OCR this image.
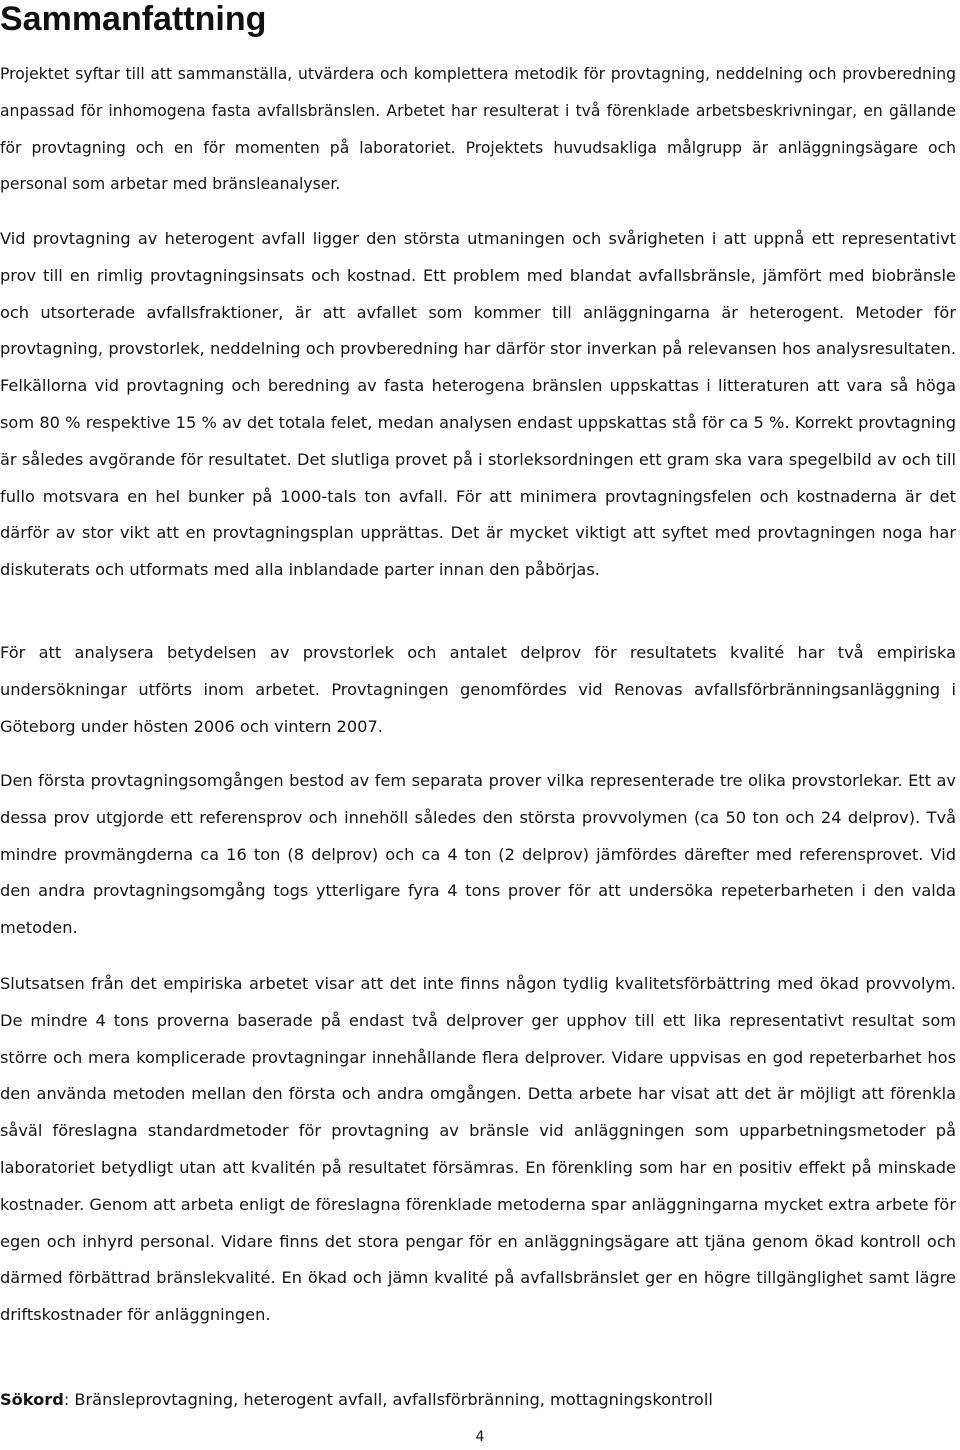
Sammanfattning

Projektet syftar till att sammanställa, utvärdera och komplettera metodik för provtagning, neddelning och provberedning anpassad för inhomogena fasta avfallsbränslen. Arbetet har resulterat i två förenklade arbetsbeskrivningar, en gällande för provtagning och en för momenten på laboratoriet. Projektets huvudsakliga målgrupp är anläggningsägare och personal som arbetar med bränsleanalyser.

Vid provtagning av heterogent avfall ligger den största utmaningen och svårigheten i att uppnå ett representativt prov till en rimlig provtagningsinsats och kostnad. Ett problem med blandat avfallsbränsle, jämfört med biobränsle och utsorterade avfallsfraktioner, är att avfallet som kommer till anläggningarna är heterogent. Metoder för provtagning, provstorlek, neddelning och provberedning har därför stor inverkan på relevansen hos analysresultaten. Felkällorna vid provtagning och beredning av fasta heterogena bränslen uppskattas i litteraturen att vara så höga som 80 % respektive 15 % av det totala felet, medan analysen endast uppskattas stå för ca 5 %. Korrekt provtagning är således avgörande för resultatet. Det slutliga provet på i storleksordningen ett gram ska vara spegelbild av och till fullo motsvara en hel bunker på 1000-tals ton avfall. För att minimera provtagningsfelen och kostnaderna är det därför av stor vikt att en provtagningsplan upprättas. Det är mycket viktigt att syftet med provtagningen noga har diskuterats och utformats med alla inblandade parter innan den påbörjas.

För att analysera betydelsen av provstorlek och antalet delprov för resultatets kvalité har två empiriska undersökningar utförts inom arbetet. Provtagningen genomfördes vid Renovas avfallsförbränningsanläggning i Göteborg under hösten 2006 och vintern 2007.

Den första provtagningsomgången bestod av fem separata prover vilka representerade tre olika provstorlekar. Ett av dessa prov utgjorde ett referensprov och innehöll således den största provvolymen (ca 50 ton och 24 delprov). Två mindre provmängderna ca 16 ton (8 delprov) och ca 4 ton (2 delprov) jämfördes därefter med referensprovet. Vid den andra provtagningsomgång togs ytterligare fyra 4 tons prover för att undersöka repeterbarheten i den valda metoden.

Slutsatsen från det empiriska arbetet visar att det inte finns någon tydlig kvalitetsförbättring med ökad provvolym. De mindre 4 tons proverna baserade på endast två delprover ger upphov till ett lika representativt resultat som större och mera komplicerade provtagningar innehållande flera delprover. Vidare uppvisas en god repeterbarhet hos den använda metoden mellan den första och andra omgången. Detta arbete har visat att det är möjligt att förenkla såväl föreslagna standardmetoder för provtagning av bränsle vid anläggningen som upparbetningsmetoder på laboratoriet betydligt utan att kvalitén på resultatet försämras. En förenkling som har en positiv effekt på minskade kostnader. Genom att arbeta enligt de föreslagna förenklade metoderna spar anläggningarna mycket extra arbete för egen och inhyrd personal. Vidare finns det stora pengar för en anläggningsägare att tjäna genom ökad kontroll och därmed förbättrad bränslekvalité. En ökad och jämn kvalité på avfallsbränslet ger en högre tillgänglighet samt lägre driftskostnader för anläggningen.

Sökord: Bränsleprovtagning, heterogent avfall, avfallsförbränning, mottagningskontroll

4
